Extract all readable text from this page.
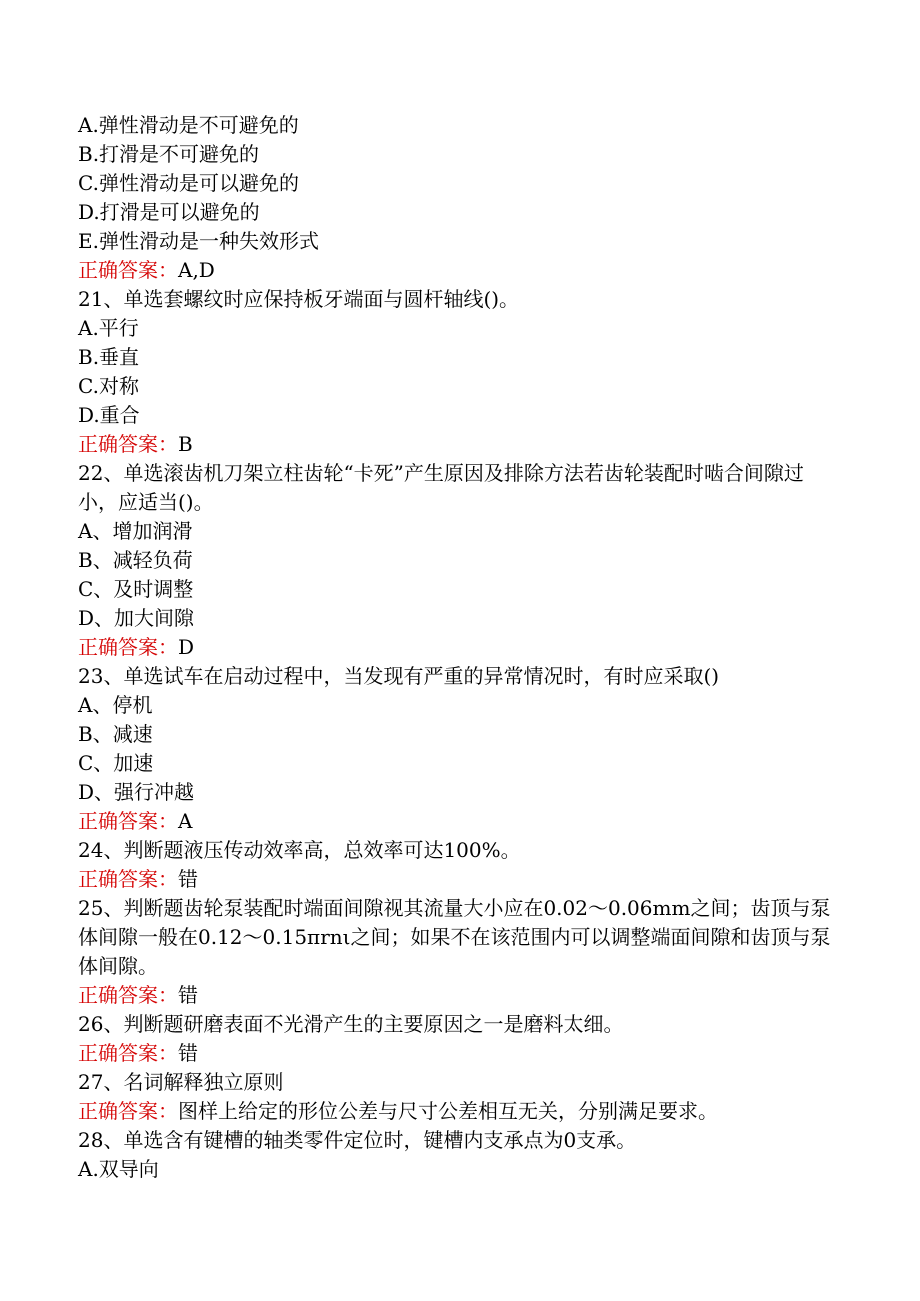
A.弹性滑动是不可避免的

B.打滑是不可避免的

C.弹性滑动是可以避免的

D.打滑是可以避免的

E.弹性滑动是一种失效形式

正确答案：A,D

21、单选套螺纹时应保持板牙端面与圆杆轴线()。

A.平行

B.垂直

C.对称

D.重合

正确答案：B

22、单选滚齿机刀架立柱齿轮“卡死”产生原因及排除方法若齿轮装配时啮合间隙过小，应适当()。

A、增加润滑

B、减轻负荷

C、及时调整

D、加大间隙

正确答案：D

23、单选试车在启动过程中，当发现有严重的异常情况时，有时应采取()

A、停机

B、减速

C、加速

D、强行冲越

正确答案：A

24、判断题液压传动效率高，总效率可达100%。

正确答案：错

25、判断题齿轮泵装配时端面间隙视其流量大小应在0.02～0.06mm之间；齿顶与泵体间隙一般在0.12～0.15πrnι之间；如果不在该范围内可以调整端面间隙和齿顶与泵体间隙。

正确答案：错

26、判断题研磨表面不光滑产生的主要原因之一是磨料太细。

正确答案：错

27、名词解释独立原则

正确答案：图样上给定的形位公差与尺寸公差相互无关，分别满足要求。

28、单选含有键槽的轴类零件定位时，键槽内支承点为0支承。

A.双导向
